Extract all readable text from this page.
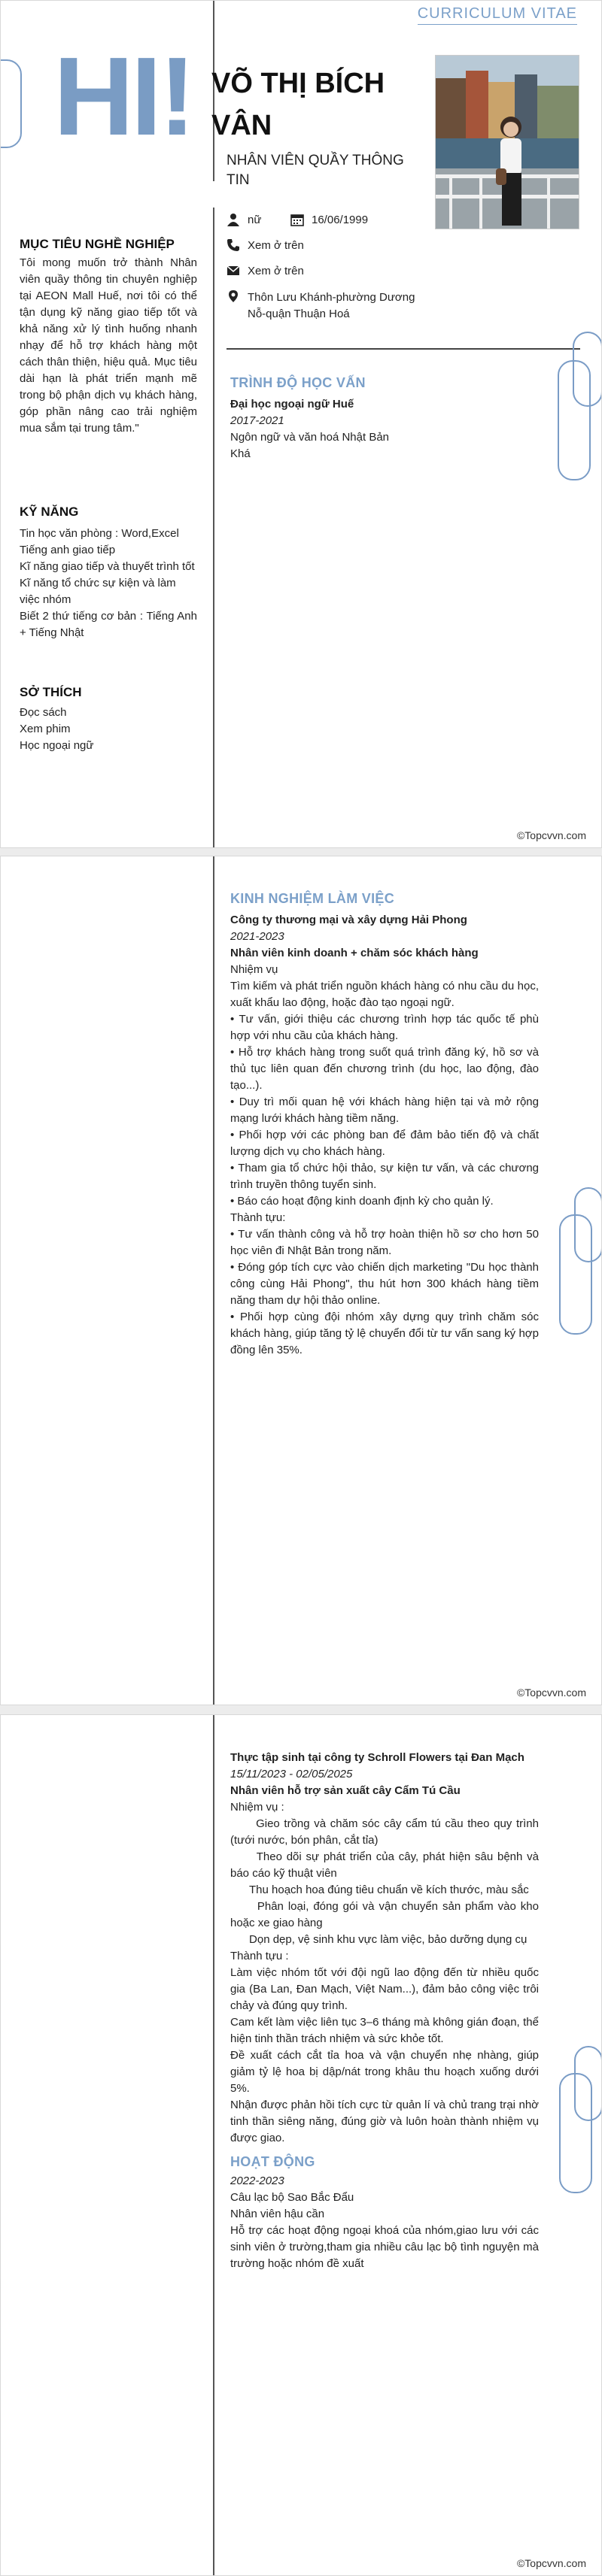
CURRICULUM VITAE
HI! VÕ THỊ BÍCH VÂN
NHÂN VIÊN QUẦY THÔNG TIN
nữ	16/06/1999
Xem ở trên
Xem ở trên
Thôn Lưu Khánh-phường Dương Nỗ-quận Thuận Hoá
MỤC TIÊU NGHỀ NGHIỆP
Tôi mong muốn trở thành Nhân viên quầy thông tin chuyên nghiệp tại AEON Mall Huế, nơi tôi có thể tận dụng kỹ năng giao tiếp tốt và khả năng xử lý tình huống nhanh nhạy để hỗ trợ khách hàng một cách thân thiện, hiệu quả. Mục tiêu dài hạn là phát triển mạnh mẽ trong bộ phận dịch vụ khách hàng, góp phần nâng cao trải nghiệm mua sắm tại trung tâm."
KỸ NĂNG
Tin học văn phòng : Word,Excel
Tiếng anh giao tiếp
Kĩ năng giao tiếp và thuyết trình tốt
Kĩ năng tổ chức sự kiện và làm việc nhóm
Biết 2 thứ tiếng cơ bản : Tiếng Anh + Tiếng Nhật
SỞ THÍCH
Đọc sách
Xem phim
Học ngoại ngữ
TRÌNH ĐỘ HỌC VẤN
Đại học ngoại ngữ Huế
2017-2021
Ngôn ngữ và văn hoá Nhật Bản
Khá
©Topcvvn.com
KINH NGHIỆM LÀM VIỆC
Công ty thương mại và xây dựng Hải Phong
2021-2023
Nhân viên kinh doanh + chăm sóc khách hàng
Nhiệm vụ
Tìm kiếm và phát triển nguồn khách hàng có nhu cầu du học, xuất khẩu lao động, hoặc đào tạo ngoại ngữ.
• Tư vấn, giới thiệu các chương trình hợp tác quốc tế phù hợp với nhu cầu của khách hàng.
• Hỗ trợ khách hàng trong suốt quá trình đăng ký, hồ sơ và thủ tục liên quan đến chương trình (du học, lao động, đào tạo...).
• Duy trì mối quan hệ với khách hàng hiện tại và mở rộng mạng lưới khách hàng tiềm năng.
• Phối hợp với các phòng ban để đảm bảo tiến độ và chất lượng dịch vụ cho khách hàng.
• Tham gia tổ chức hội thảo, sự kiện tư vấn, và các chương trình truyền thông tuyển sinh.
• Báo cáo hoạt động kinh doanh định kỳ cho quản lý.
Thành tựu:
• Tư vấn thành công và hỗ trợ hoàn thiện hồ sơ cho hơn 50 học viên đi Nhật Bản trong năm.
• Đóng góp tích cực vào chiến dịch marketing "Du học thành công cùng Hải Phong", thu hút hơn 300 khách hàng tiềm năng tham dự hội thảo online.
• Phối hợp cùng đội nhóm xây dựng quy trình chăm sóc khách hàng, giúp tăng tỷ lệ chuyển đổi từ tư vấn sang ký hợp đồng lên 35%.
©Topcvvn.com
Thực tập sinh tại công ty Schroll Flowers tại Đan Mạch
15/11/2023 - 02/05/2025
Nhân viên hỗ trợ sản xuất cây Cẩm Tú Cầu
Nhiệm vụ :
Gieo trồng và chăm sóc cây cẩm tú cầu theo quy trình (tưới nước, bón phân, cắt tỉa)
Theo dõi sự phát triển của cây, phát hiện sâu bệnh và báo cáo kỹ thuật viên
Thu hoạch hoa đúng tiêu chuẩn về kích thước, màu sắc
Phân loại, đóng gói và vận chuyển sản phẩm vào kho hoặc xe giao hàng
Dọn dẹp, vệ sinh khu vực làm việc, bảo dưỡng dụng cụ
Thành tựu :
Làm việc nhóm tốt với đội ngũ lao động đến từ nhiều quốc gia (Ba Lan, Đan Mạch, Việt Nam...), đảm bảo công việc trôi chảy và đúng quy trình.
Cam kết làm việc liên tục 3–6 tháng mà không gián đoạn, thể hiện tinh thần trách nhiệm và sức khỏe tốt.
Đề xuất cách cắt tỉa hoa và vận chuyển nhẹ nhàng, giúp giảm tỷ lệ hoa bị dập/nát trong khâu thu hoạch xuống dưới 5%.
Nhận được phản hồi tích cực từ quản lí và chủ trang trại nhờ tinh thần siêng năng, đúng giờ và luôn hoàn thành nhiệm vụ được giao.
HOẠT ĐỘNG
2022-2023
Câu lạc bộ Sao Bắc Đẩu
Nhân viên hậu cần
Hỗ trợ các hoạt động ngoại khoá của nhóm,giao lưu với các sinh viên ở trường,tham gia nhiều câu lạc bộ tình nguyện mà trường hoặc nhóm đề xuất
©Topcvvn.com
